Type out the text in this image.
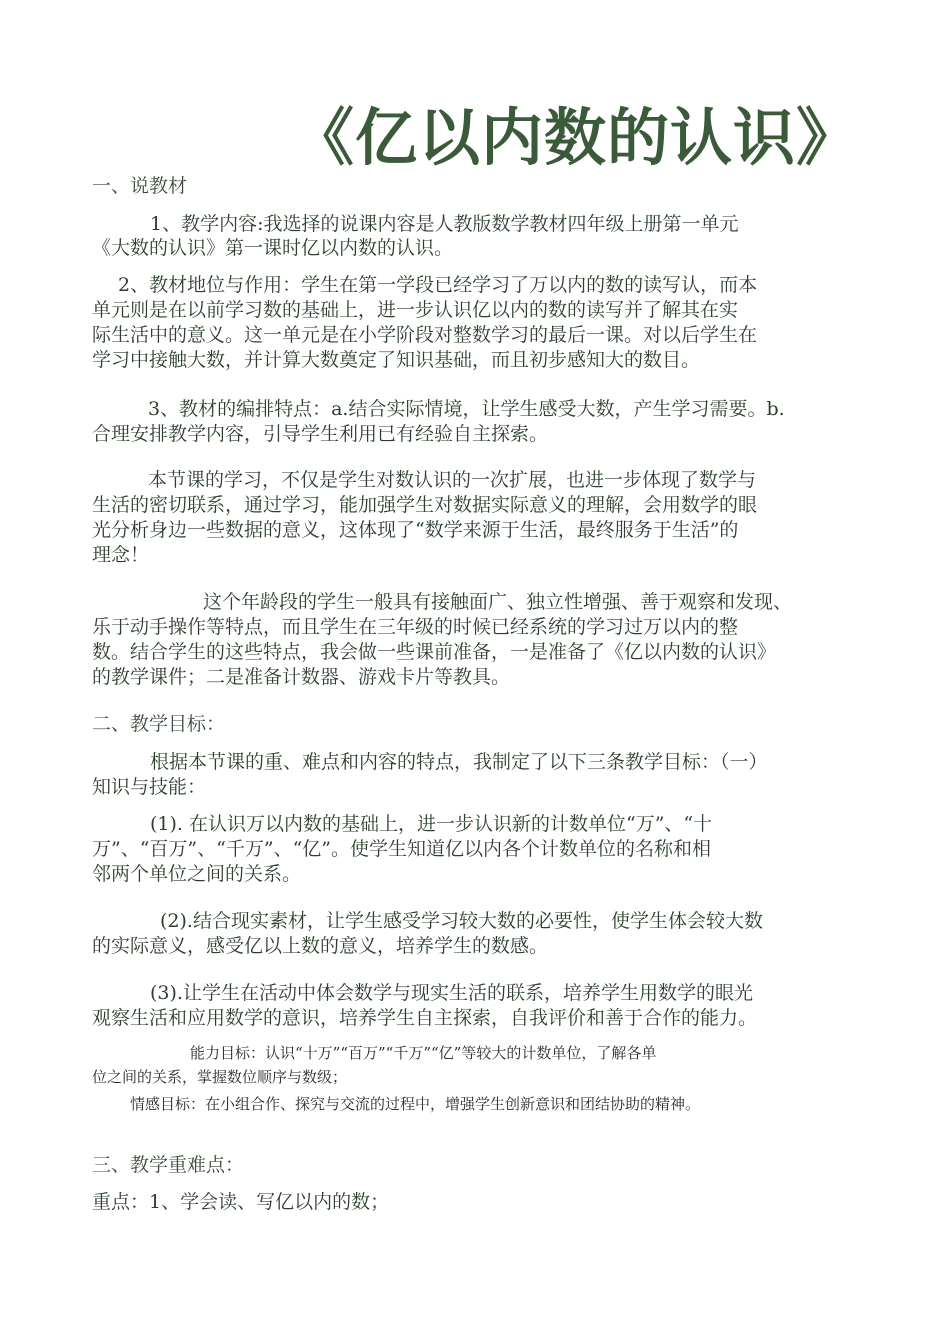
《亿以内数的认识》
一、说教材
1、教学内容:我选择的说课内容是人教版数学教材四年级上册第一单元
《大数的认识》第一课时亿以内数的认识。
2、教材地位与作用：学生在第一学段已经学习了万以内的数的读写认，而本
单元则是在以前学习数的基础上，进一步认识亿以内的数的读写并了解其在实
际生活中的意义。这一单元是在小学阶段对整数学习的最后一课。对以后学生在
学习中接触大数，并计算大数奠定了知识基础，而且初步感知大的数目。
3、教材的编排特点：a.结合实际情境，让学生感受大数，产生学习需要。b.
合理安排教学内容，引导学生利用已有经验自主探索。
本节课的学习，不仅是学生对数认识的一次扩展，也进一步体现了数学与
生活的密切联系，通过学习，能加强学生对数据实际意义的理解，会用数学的眼
光分析身边一些数据的意义，这体现了“数学来源于生活，最终服务于生活”的
理念！
这个年龄段的学生一般具有接触面广、独立性增强、善于观察和发现、
乐于动手操作等特点，而且学生在三年级的时候已经系统的学习过万以内的整
数。结合学生的这些特点，我会做一些课前准备，一是准备了《亿以内数的认识》
的教学课件；二是准备计数器、游戏卡片等教具。
二、教学目标：
根据本节课的重、难点和内容的特点，我制定了以下三条教学目标：（一）
知识与技能：
(1). 在认识万以内数的基础上，进一步认识新的计数单位“万”、“十
万”、“百万”、“千万”、“亿”。使学生知道亿以内各个计数单位的名称和相
邻两个单位之间的关系。
(2).结合现实素材，让学生感受学习较大数的必要性，使学生体会较大数
的实际意义，感受亿以上数的意义，培养学生的数感。
(3).让学生在活动中体会数学与现实生活的联系，培养学生用数学的眼光
观察生活和应用数学的意识，培养学生自主探索，自我评价和善于合作的能力。
能力目标：认识“十万”“百万”“千万”“亿”等较大的计数单位，了解各单
位之间的关系，掌握数位顺序与数级；
情感目标：在小组合作、探究与交流的过程中，增强学生创新意识和团结协助的精神。
三、教学重难点：
重点：1、学会读、写亿以内的数；
